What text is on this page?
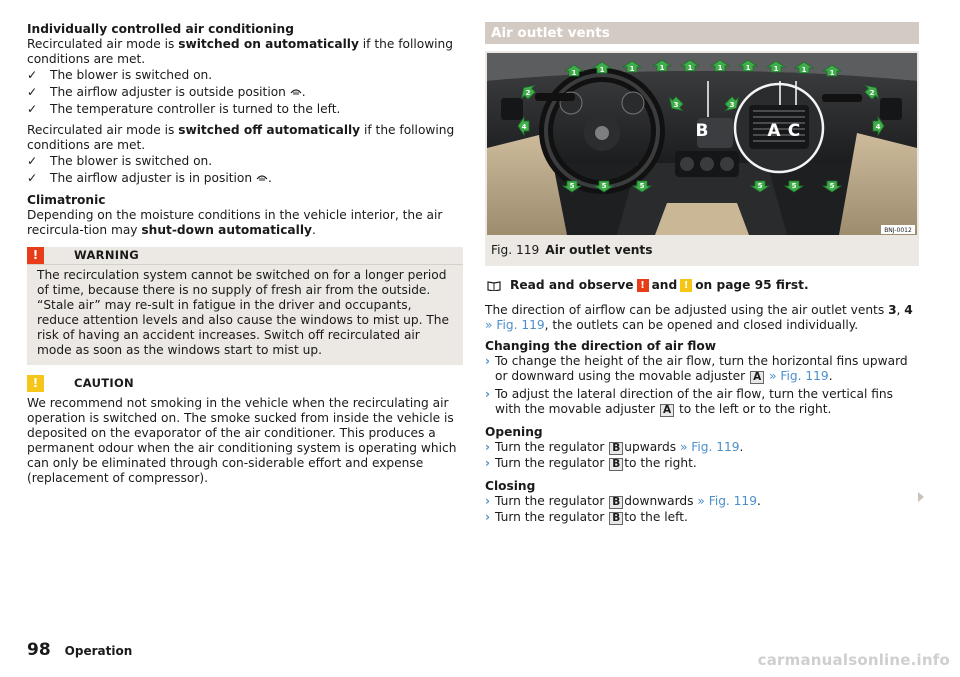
Individually controlled air conditioning

Recirculated air mode is switched on automatically if the following conditions are met.

✓ The blower is switched on.

✓ The airflow adjuster is outside position .

✓ The temperature controller is turned to the left.

Recirculated air mode is switched off automatically if the following conditions are met.

✓ The blower is switched on.

✓ The airflow adjuster is in position .

Climatronic

Depending on the moisture conditions in the vehicle interior, the air recircula-tion may shut-down automatically.

!	WARNING

The recirculation system cannot be switched on for a longer period of time, because there is no supply of fresh air from the outside. “Stale air” may re-sult in fatigue in the driver and occupants, reduce attention levels and also cause the windows to mist up. The risk of having an accident increases. Switch off recirculated air mode as soon as the windows start to mist up.

!	CAUTION

We recommend not smoking in the vehicle when the recirculating air operation is switched on. The smoke sucked from inside the vehicle is deposited on the evaporator of the air conditioner. This produces a permanent odour when the air conditioning system is operating which can only be eliminated through con-siderable effort and expense (replacement of compressor).

Air outlet vents
1	1	1	1	1	1	1	1	1	1
2	2
3	3
4	4
5	5	5	5	5	5
B	A C
BNJ-0012

Fig. 119 Air outlet vents

Read and observe ! and ! on page 95 first.

The direction of airflow can be adjusted using the air outlet vents 3, 4
» Fig. 119, the outlets can be opened and closed individually.

Changing the direction of air flow

› To change the height of the air flow, turn the horizontal fins upward or downward using the movable adjuster A » Fig. 119.

› To adjust the lateral direction of the air flow, turn the vertical fins with the movable adjuster A to the left or to the right.

Opening

› Turn the regulator B upwards » Fig. 119.

› Turn the regulator B to the right.

Closing

› Turn the regulator B downwards » Fig. 119.

› Turn the regulator B to the left.

98 Operation	carmanualsonline.info
